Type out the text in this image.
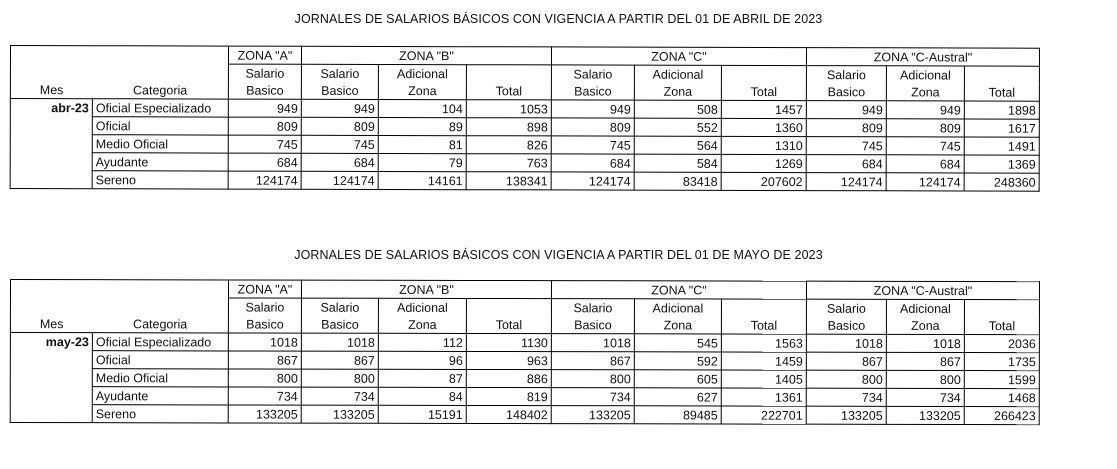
JORNALES DE SALARIOS BÁSICOS CON VIGENCIA A PARTIR DEL 01 DE ABRIL DE 2023
		ZONA "A"	ZONA "B"			ZONA "C"			ZONA "C-Austral"		
		Salario	Salario	Adicional		Salario	Adicional		Salario	Adicional	
Mes	Categoria	Basico	Basico	Zona	Total	Basico	Zona	Total	Basico	Zona	Total
abr-23	Oficial Especializado	949	949	104	1053	949	508	1457	949	949	1898
	Oficial	809	809	89	898	809	552	1360	809	809	1617
	Medio Oficial	745	745	81	826	745	564	1310	745	745	1491
	Ayudante	684	684	79	763	684	584	1269	684	684	1369
	Sereno	124174	124174	14161	138341	124174	83418	207602	124174	124174	248360
JORNALES DE SALARIOS BÁSICOS CON VIGENCIA A PARTIR DEL 01 DE MAYO DE 2023
		ZONA "A"	ZONA "B"			ZONA "C"			ZONA "C-Austral"		
		Salario	Salario	Adicional		Salario	Adicional		Salario	Adicional	
Mes	Categoria	Basico	Basico	Zona	Total	Basico	Zona	Total	Basico	Zona	Total
may-23	Oficial Especializado	1018	1018	112	1130	1018	545	1563	1018	1018	2036
	Oficial	867	867	96	963	867	592	1459	867	867	1735
	Medio Oficial	800	800	87	886	800	605	1405	800	800	1599
	Ayudante	734	734	84	819	734	627	1361	734	734	1468
	Sereno	133205	133205	15191	148402	133205	89485	222701	133205	133205	266423
